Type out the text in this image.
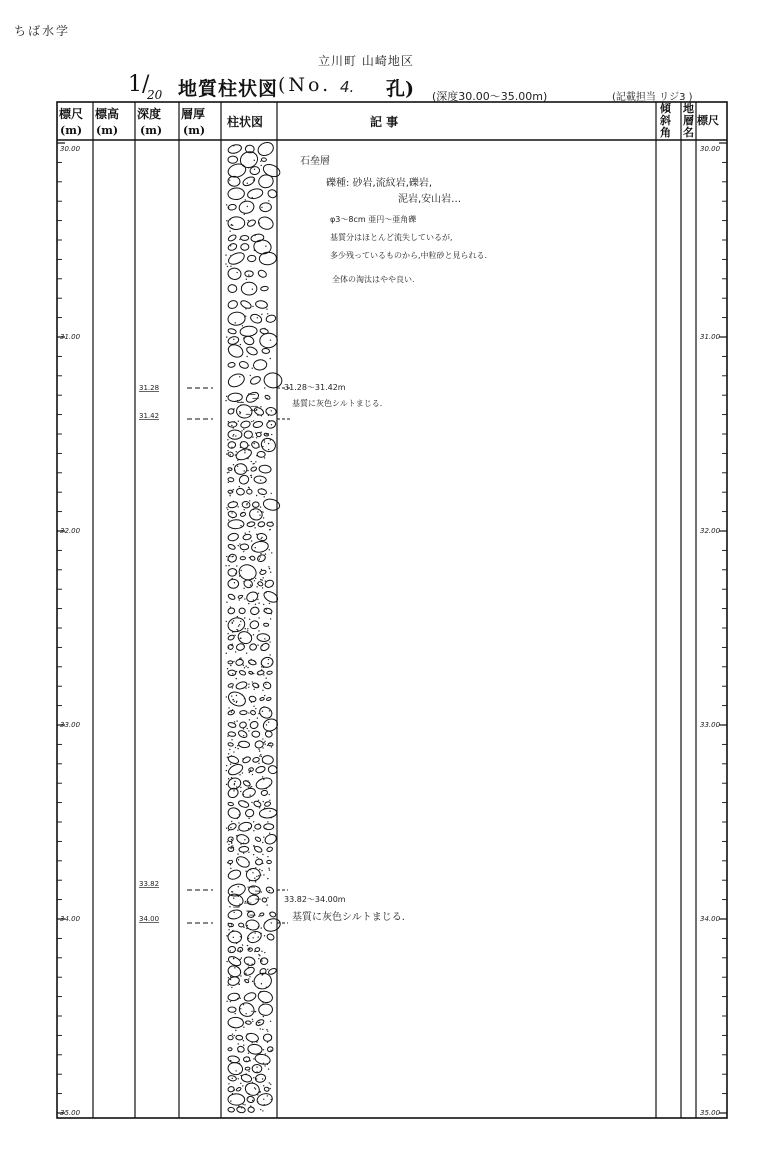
ちば水学
立川町 山崎地区
1/
20 地質柱状図 (No. 4. 孔) (深度30.00〜35.00m)	(記載担当 リジ3 )
標尺
(m)
標高
(m)
深度
(m)
層厚
(m)
柱状図	記 事
傾
斜
角
地
層
名
標尺
30.00
31.00
32.00
33.00
34.00
35.00
30.00
31.00
32.00
33.00
34.00
35.00
31.28
31.42
33.82
34.00
石垒層
礫種: 砂岩,流紋岩,礫岩,
泥岩,安山岩…
φ3〜8cm 亜円〜亜角礫
基質分はほとんど流失しているが,
多少残っているものから,中粒砂と見られる.
全体の淘汰はやや良い.
31.28〜31.42m
基質に灰色シルトまじる.
33.82〜34.00m
基質に灰色シルトまじる.
